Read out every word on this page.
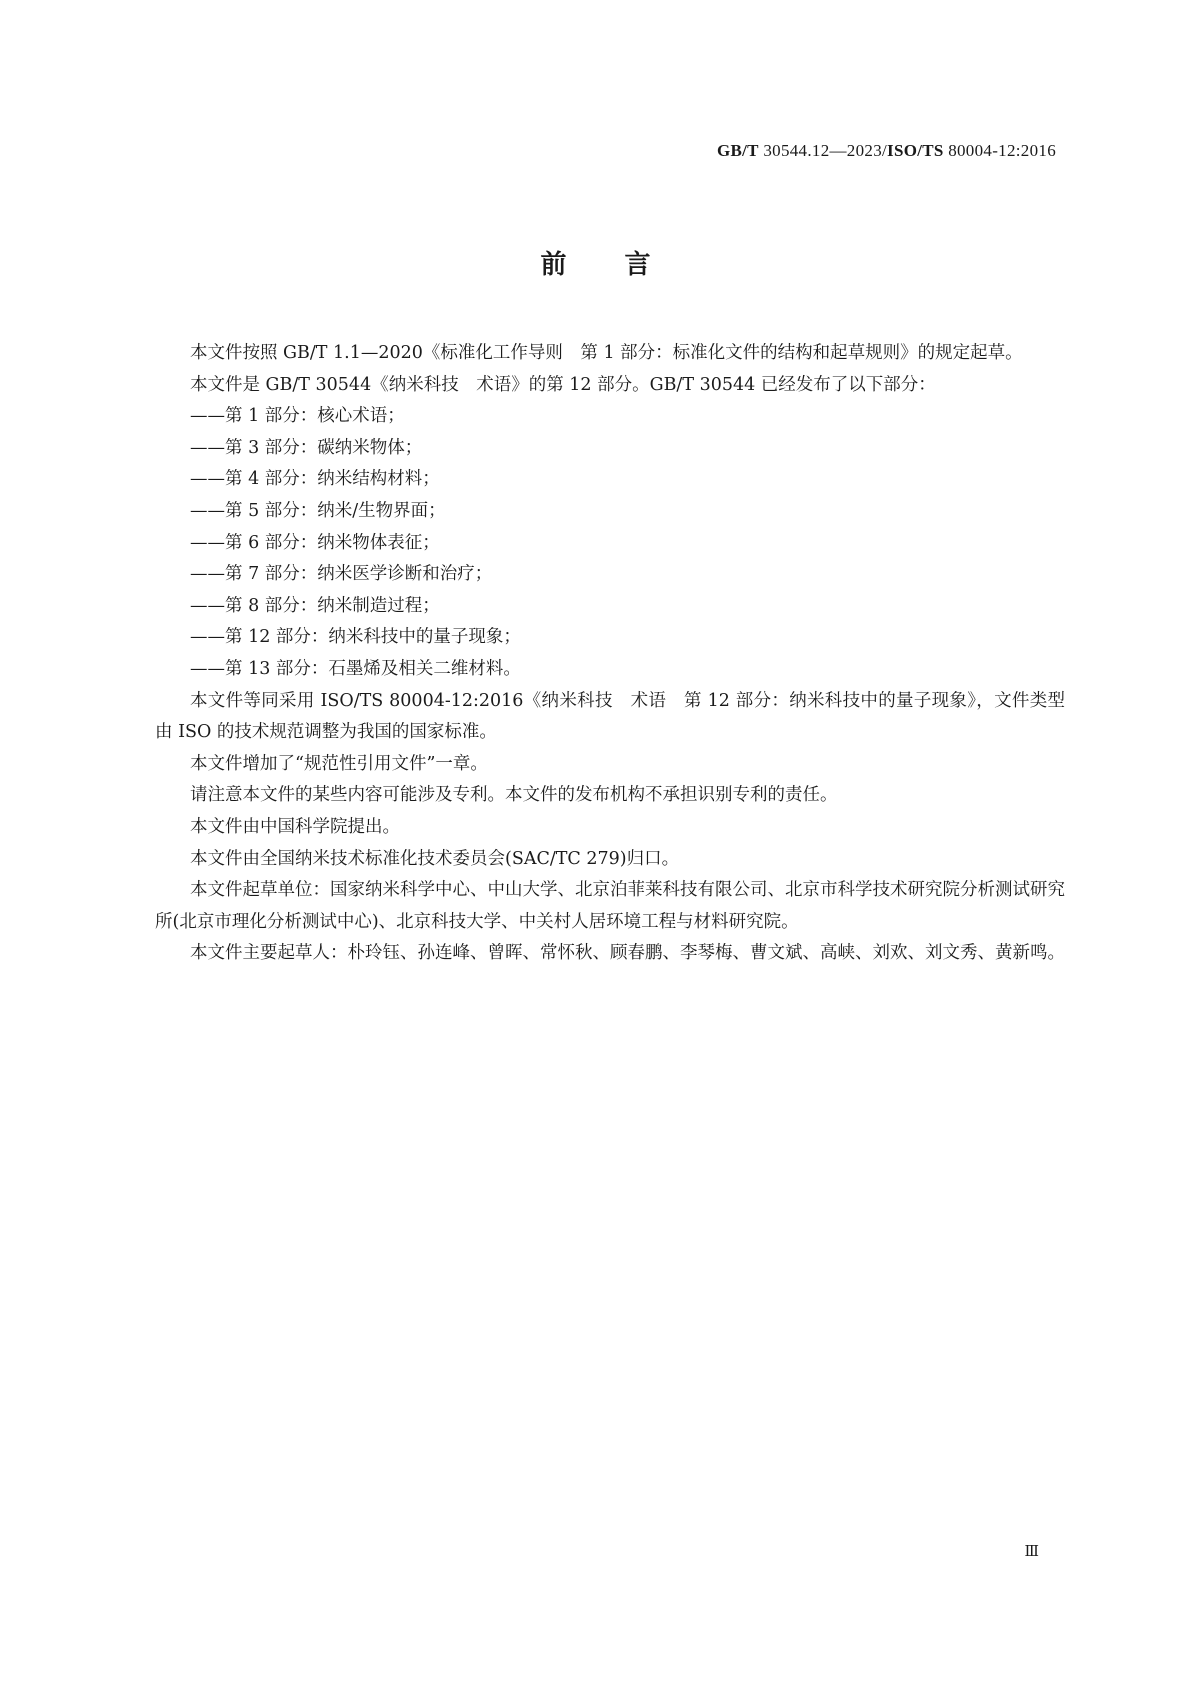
GB/T 30544.12—2023/ISO/TS 80004-12:2016
前言

本文件按照 GB/T 1.1—2020《标准化工作导则　第 1 部分：标准化文件的结构和起草规则》的规定起草。

本文件是 GB/T 30544《纳米科技　术语》的第 12 部分。GB/T 30544 已经发布了以下部分：

——第 1 部分：核心术语；

——第 3 部分：碳纳米物体；

——第 4 部分：纳米结构材料；

——第 5 部分：纳米/生物界面；

——第 6 部分：纳米物体表征；

——第 7 部分：纳米医学诊断和治疗；

——第 8 部分：纳米制造过程；

——第 12 部分：纳米科技中的量子现象；

——第 13 部分：石墨烯及相关二维材料。

本文件等同采用 ISO/TS 80004-12:2016《纳米科技　术语　第 12 部分：纳米科技中的量子现象》，文件类型由 ISO 的技术规范调整为我国的国家标准。

本文件增加了“规范性引用文件”一章。

请注意本文件的某些内容可能涉及专利。本文件的发布机构不承担识别专利的责任。

本文件由中国科学院提出。

本文件由全国纳米技术标准化技术委员会(SAC/TC 279)归口。

本文件起草单位：国家纳米科学中心、中山大学、北京泊菲莱科技有限公司、北京市科学技术研究院分析测试研究所(北京市理化分析测试中心)、北京科技大学、中关村人居环境工程与材料研究院。

本文件主要起草人：朴玲钰、孙连峰、曾晖、常怀秋、顾春鹏、李琴梅、曹文斌、高峡、刘欢、刘文秀、黄新鸣。

Ⅲ
